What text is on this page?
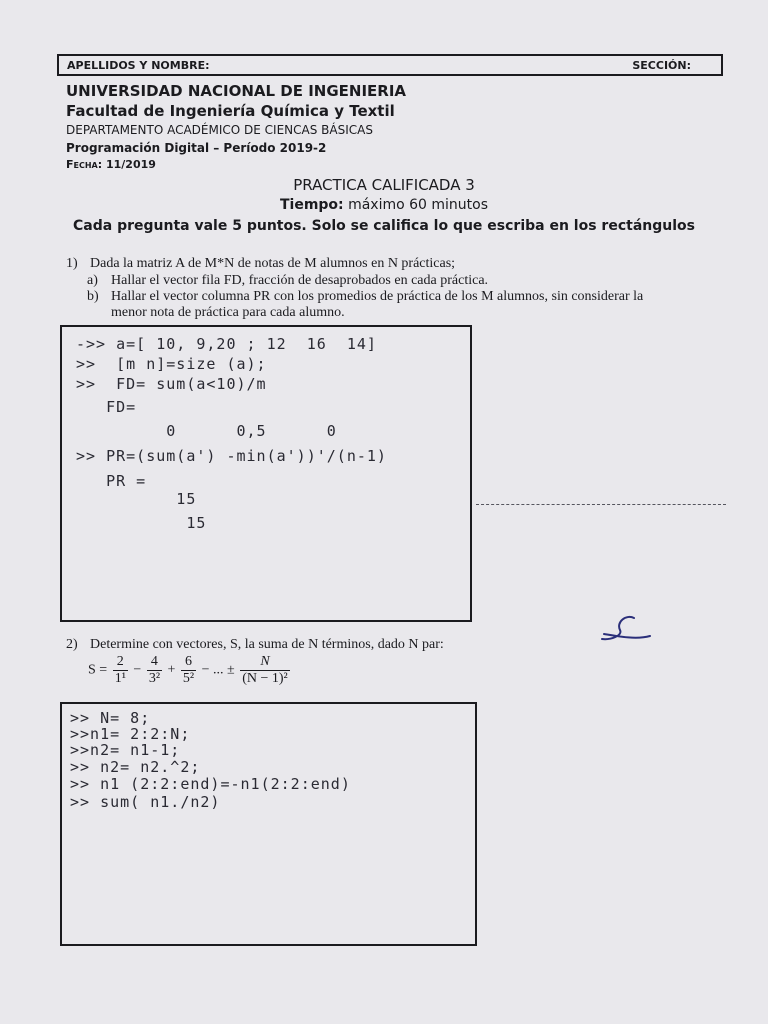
APELLIDOS Y NOMBRE:	SECCIÓN:
UNIVERSIDAD NACIONAL DE INGENIERIA
Facultad de Ingeniería Química y Textil
DEPARTAMENTO ACADÉMICO DE CIENCAS BÁSICAS
Programación Digital – Período 2019-2
Fecha: 11/2019
PRACTICA CALIFICADA 3
Tiempo: máximo 60 minutos
Cada pregunta vale 5 puntos. Solo se califica lo que escriba en los rectángulos
1) Dada la matriz A de M*N de notas de M alumnos en N prácticas;
a) Hallar el vector fila FD, fracción de desaprobados en cada práctica.
b) Hallar el vector columna PR con los promedios de práctica de los M alumnos, sin considerar la
menor nota de práctica para cada alumno.
->> a=[ 10, 9,20 ; 12  16  14]
>>  [m n]=size (a);
>>  FD= sum(a<10)/m
FD=
0      0,5      0
>> PR=(sum(a') -min(a'))'/(n-1)
PR =
15
15
2) Determine con vectores, S, la suma de N términos, dado N par:
$S = \frac{2}{\text{1¹}} - \frac{4}{\text{3²}} + \frac{6}{\text{5²}}$ − ... ± $\frac{N}{\text{(N − 1)²}}$
>> N= 8;
>>n1= 2:2:N;
>>n2= n1-1;
>> n2= n2.^2;
>> n1 (2:2:end)=-n1(2:2:end)
>> sum( n1./n2)
